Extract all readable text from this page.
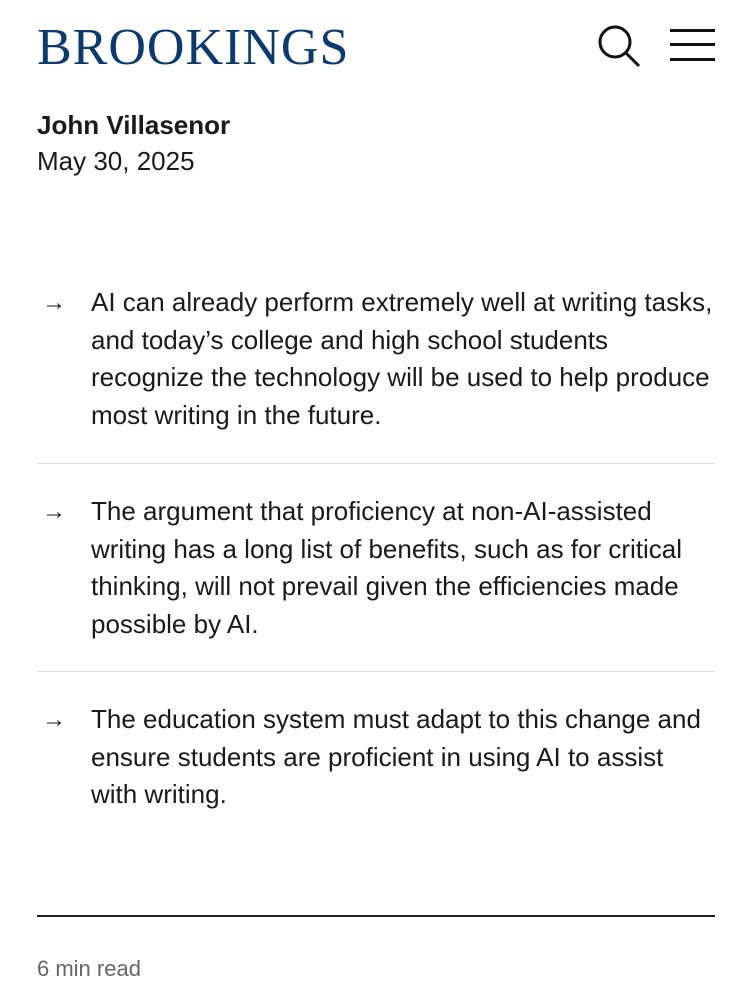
BROOKINGS
John Villasenor
May 30, 2025
→ AI can already perform extremely well at writing tasks, and today’s college and high school students recognize the technology will be used to help produce most writing in the future.
→ The argument that proficiency at non-AI-assisted writing has a long list of benefits, such as for critical thinking, will not prevail given the efficiencies made possible by AI.
→ The education system must adapt to this change and ensure students are proficient in using AI to assist with writing.
6 min read
